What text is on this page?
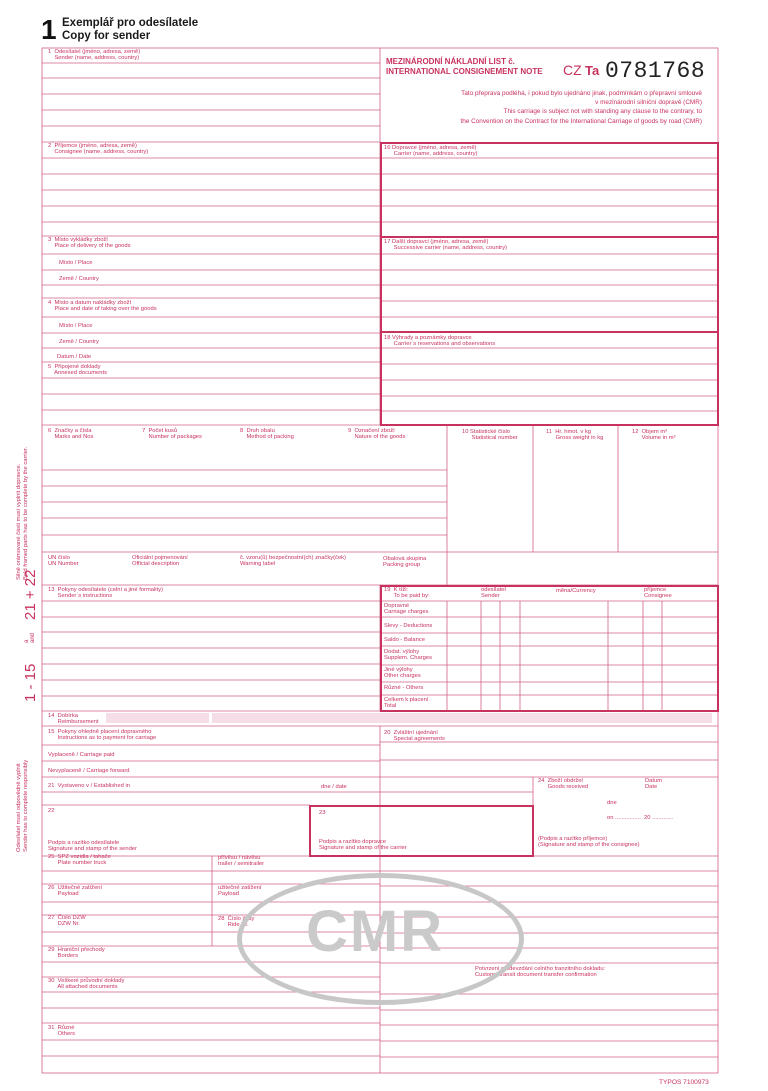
1 Exemplář pro odesílatele
Copy for sender
MEZINÁRODNÍ NÁKLADNÍ LIST č.
INTERNATIONAL CONSIGNEMENT NOTE CZ Ta 0781768
Tato přeprava podléhá, i pokud bylo ujednáno jinak, podmínkám o přepravní smlouvě
v mezinárodní silniční dopravě (CMR)
This carriage is subject not with standing any clause to the contrary, to
the Convention on the Contract for the International Carriage of goods by road (CMR)
1  Odesílatel (jméno, adresa, země)
Sender (name, address, country)
2  Příjemce (jméno, adresa, země)
Consignee (name, address, country)
3  Místo vykládky zboží
Place of delivery of the goods
Místo / Place
Země / Country
4  Místo a datum nakládky zboží
Place and date of taking over the goods
Místo / Place
Země / Country
Datum / Date
5  Připojené doklady
Annexed documents
16 Dopravce (jméno, adresa, země)
Carrier (name, address, country)
17 Další dopravci (jméno, adresa, země)
Successive carrier (name, address, country)
18 Výhrady a poznámky dopravce
Carrier´s reservations and observations
6  Značky a čísla
Marks and Nos
7  Počet kusů
Number of packages
8  Druh obalu
Method of packing
9  Označení zboží
Nature of the goods
10 Statistické číslo
Statistical number
11  Hr. hmot. v kg
Gross weight in kg
12  Objem m³
Volume in m³
UN číslo
UN Number
Oficiální pojmenování
Official description
č. vzoru(ů) bezpečnostní(ch) značky(ček)
Warning label
Obalová skupina
Packing group
13  Pokyny odesílatele (celní a jiné formality)
Sender´s instructions
19  K tíži:
To be paid by:
odesílatel
Sender
měna/Currency	příjemce
Consignee
Dopravné
Carriage charges
Slevy - Deductions
Saldo - Balance
Dodat. výlohy
Supplem. Charges
Jiné výlohy
Other charges
Různé - Others
Celkem k placení
Total
14  Dobírka
Reimbursement
15  Pokyny ohledně placení dopravného
Instructions as to payment for carriage
Vyplaceně / Carriage paid
Nevyplaceně / Carriage forward
20  Zvláštní ujednání
Special agreements
21  Vystaveno v / Established in	dne / date
24  Zboží obdržel
Goods received
Datum
Date
dne
on ................  20 .............
22	23
Podpis a razítko odesílatele
Signature and stamp of the sender
Podpis a razítko dopravce
Signature and stamp of the carrier
(Podpis a razítko příjemce)
(Signature and stamp of the consignee)
25  SPZ vozidla / tahače
Plate number truck
přívěsu / návěsu
trailer / semitrailer
26  Užitečné zatížení
Payload
užitečné zatížení
Payload
27  Číslo DZW
DZW Nr.
28  Číslo jízdy
Ride Nr.
29  Hraniční přechody
Borders
30  Veškeré průvodní doklady
All attached documents
31  Různé
Others
Potvrzení o odevzdání celního tranzitního dokladu:
Customs transit document transfer confirmation
Silně orámované části musí vyplnit dopravce.
Bold framed parts has to be complete by the carrier.
1 - 15
a
and
21 + 22
Odesílatel musí odpovědně vyplnit
Sender has to complete responsibly
CMR
TYPOS 7100973
